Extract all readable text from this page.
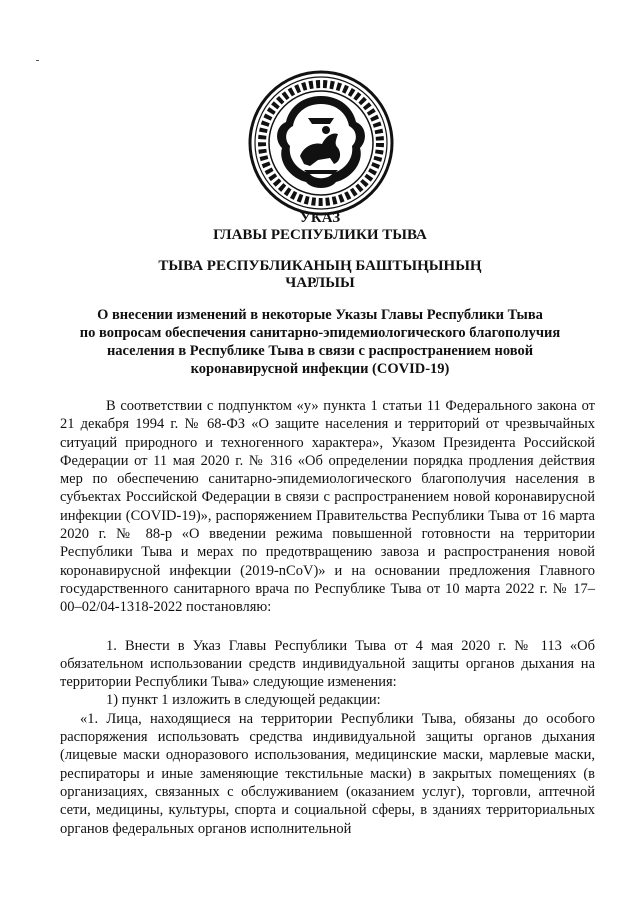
УКАЗ
ГЛАВЫ РЕСПУБЛИКИ ТЫВА
ТЫВА РЕСПУБЛИКАНЫҢ БАШТЫҢЫНЫҢ
ЧАРЛЫЫ
О внесении изменений в некоторые Указы Главы Республики Тыва
по вопросам обеспечения санитарно-эпидемиологического благополучия
населения в Республике Тыва в связи с распространением новой
коронавирусной инфекции (COVID-19)

В соответствии с подпунктом «у» пункта 1 статьи 11 Федерального закона от 21 декабря 1994 г. № 68-ФЗ «О защите населения и территорий от чрезвычайных ситуаций природного и техногенного характера», Указом Президента Российской Федерации от 11 мая 2020 г. № 316 «Об определении порядка продления действия мер по обеспечению санитарно-эпидемиологического благополучия населения в субъектах Российской Федерации в связи с распространением новой коронавирусной инфекции (COVID-19)», распоряжением Правительства Республики Тыва от 16 марта 2020 г. № 88-р «О введении режима повышенной готовности на территории Республики Тыва и мерах по предотвращению завоза и распространения новой коронавирусной инфекции (2019-nCoV)» и на основании предложения Главного государственного санитарного врача по Республике Тыва от 10 марта 2022 г. № 17–00–02/04-1318-2022 постановляю:

1. Внести в Указ Главы Республики Тыва от 4 мая 2020 г. № 113 «Об обязательном использовании средств индивидуальной защиты органов дыхания на территории Республики Тыва» следующие изменения:

1) пункт 1 изложить в следующей редакции:

«1. Лица, находящиеся на территории Республики Тыва, обязаны до особого распоряжения использовать средства индивидуальной защиты органов дыхания (лицевые маски одноразового использования, медицинские маски, марлевые маски, респираторы и иные заменяющие текстильные маски) в закрытых помещениях (в организациях, связанных с обслуживанием (оказанием услуг), торговли, аптечной сети, медицины, культуры, спорта и социальной сферы, в зданиях территориальных органов федеральных органов исполнительной
